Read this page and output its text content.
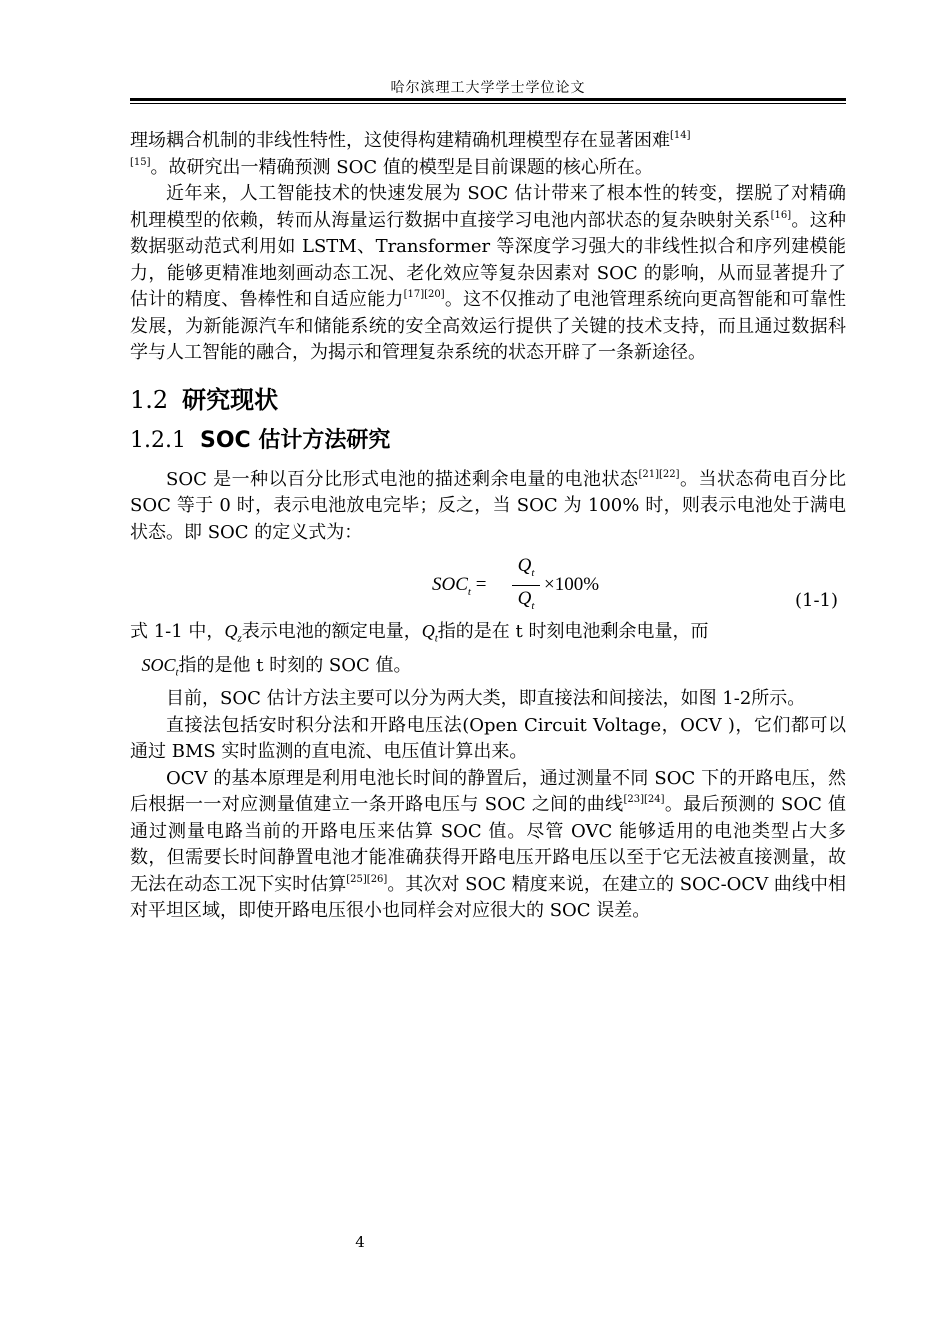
哈尔滨理工大学学士学位论文

理场耦合机制的非线性特性，这使得构建精确机理模型存在显著困难[14]
[15]。故研究出一精确预测 SOC 值的模型是目前课题的核心所在。

近年来，人工智能技术的快速发展为 SOC 估计带来了根本性的转变，摆脱了对精确机理模型的依赖，转而从海量运行数据中直接学习电池内部状态的复杂映射关系[16]。这种数据驱动范式利用如 LSTM、Transformer 等深度学习强大的非线性拟合和序列建模能力，能够更精准地刻画动态工况、老化效应等复杂因素对 SOC 的影响，从而显著提升了估计的精度、鲁棒性和自适应能力[17][20]。这不仅推动了电池管理系统向更高智能和可靠性发展，为新能源汽车和储能系统的安全高效运行提供了关键的技术支持，而且通过数据科学与人工智能的融合，为揭示和管理复杂系统的状态开辟了一条新途径。

1.2 研究现状
1.2.1 SOC 估计方法研究

SOC 是一种以百分比形式电池的描述剩余电量的电池状态[21][22]。当状态荷电百分比 SOC 等于 0 时，表示电池放电完毕；反之，当 SOC 为 100% 时，则表示电池处于满电状态。即 SOC 的定义式为：

$SOC_t$ =
$Q_t$
$Q_t$
×100%
(1-1)

式 1-1 中，$Q_z$表示电池的额定电量，$Q_t$指的是在 t 时刻电池剩余电量，而
$SOC_t$指的是他 t 时刻的 SOC 值。

目前，SOC 估计方法主要可以分为两大类，即直接法和间接法，如图 1-2所示。

直接法包括安时积分法和开路电压法(Open Circuit Voltage，OCV )，它们都可以通过 BMS 实时监测的直电流、电压值计算出来。

OCV 的基本原理是利用电池长时间的静置后，通过测量不同 SOC 下的开路电压，然后根据一一对应测量值建立一条开路电压与 SOC 之间的曲线[23][24]。最后预测的 SOC 值通过测量电路当前的开路电压来估算 SOC 值。尽管 OVC 能够适用的电池类型占大多数，但需要长时间静置电池才能准确获得开路电压开路电压以至于它无法被直接测量，故无法在动态工况下实时估算[25][26]。其次对 SOC 精度来说，在建立的 SOC-OCV 曲线中相对平坦区域，即使开路电压很小也同样会对应很大的 SOC 误差。

4
